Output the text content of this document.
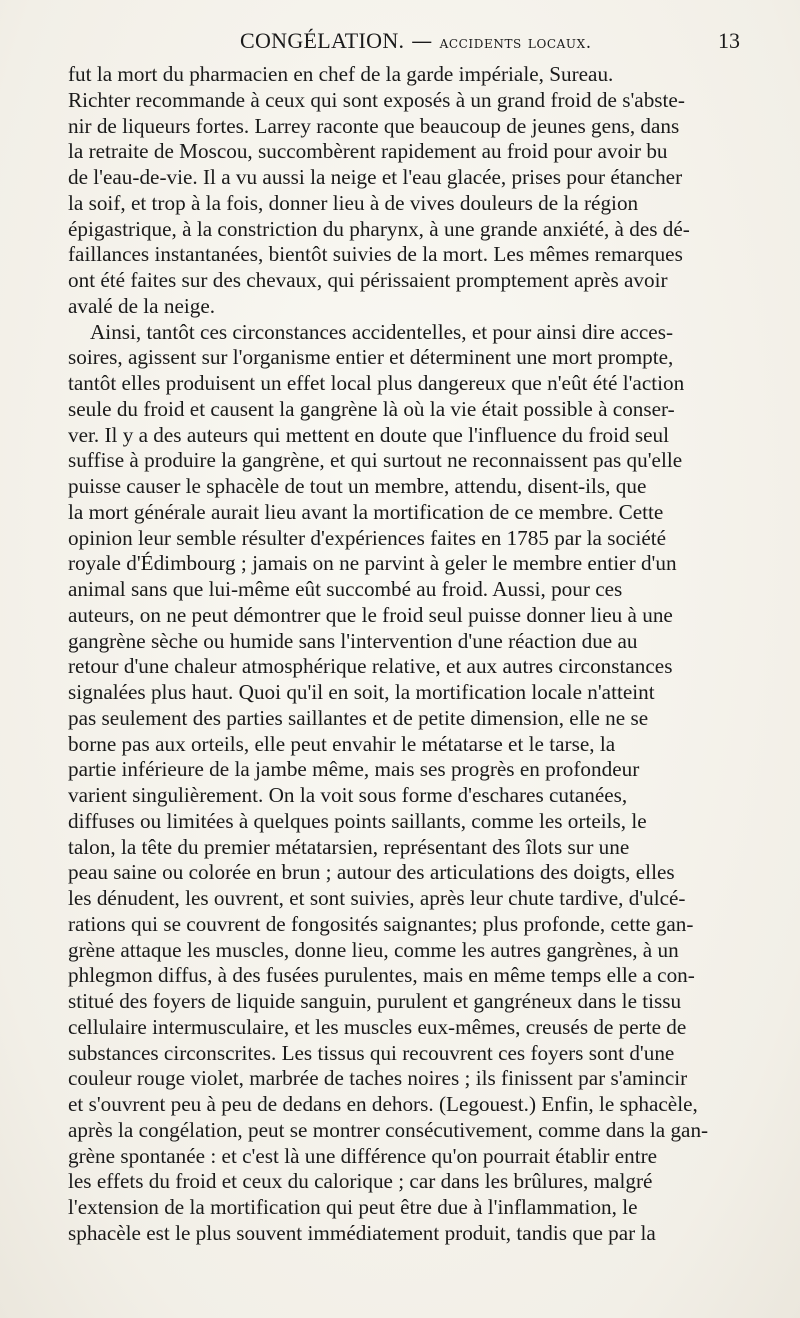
CONGÉLATION. — accidents locaux.	13
fut la mort du pharmacien en chef de la garde impériale, Sureau.
Richter recommande à ceux qui sont exposés à un grand froid de s'abste-
nir de liqueurs fortes. Larrey raconte que beaucoup de jeunes gens, dans
la retraite de Moscou, succombèrent rapidement au froid pour avoir bu
de l'eau-de-vie. Il a vu aussi la neige et l'eau glacée, prises pour étancher
la soif, et trop à la fois, donner lieu à de vives douleurs de la région
épigastrique, à la constriction du pharynx, à une grande anxiété, à des dé-
faillances instantanées, bientôt suivies de la mort. Les mêmes remarques
ont été faites sur des chevaux, qui périssaient promptement après avoir
avalé de la neige.
Ainsi, tantôt ces circonstances accidentelles, et pour ainsi dire acces-
soires, agissent sur l'organisme entier et déterminent une mort prompte,
tantôt elles produisent un effet local plus dangereux que n'eût été l'action
seule du froid et causent la gangrène là où la vie était possible à conser-
ver. Il y a des auteurs qui mettent en doute que l'influence du froid seul
suffise à produire la gangrène, et qui surtout ne reconnaissent pas qu'elle
puisse causer le sphacèle de tout un membre, attendu, disent-ils, que
la mort générale aurait lieu avant la mortification de ce membre. Cette
opinion leur semble résulter d'expériences faites en 1785 par la société
royale d'Édimbourg ; jamais on ne parvint à geler le membre entier d'un
animal sans que lui-même eût succombé au froid. Aussi, pour ces
auteurs, on ne peut démontrer que le froid seul puisse donner lieu à une
gangrène sèche ou humide sans l'intervention d'une réaction due au
retour d'une chaleur atmosphérique relative, et aux autres circonstances
signalées plus haut. Quoi qu'il en soit, la mortification locale n'atteint
pas seulement des parties saillantes et de petite dimension, elle ne se
borne pas aux orteils, elle peut envahir le métatarse et le tarse, la
partie inférieure de la jambe même, mais ses progrès en profondeur
varient singulièrement. On la voit sous forme d'eschares cutanées,
diffuses ou limitées à quelques points saillants, comme les orteils, le
talon, la tête du premier métatarsien, représentant des îlots sur une
peau saine ou colorée en brun ; autour des articulations des doigts, elles
les dénudent, les ouvrent, et sont suivies, après leur chute tardive, d'ulcé-
rations qui se couvrent de fongosités saignantes; plus profonde, cette gan-
grène attaque les muscles, donne lieu, comme les autres gangrènes, à un
phlegmon diffus, à des fusées purulentes, mais en même temps elle a con-
stitué des foyers de liquide sanguin, purulent et gangréneux dans le tissu
cellulaire intermusculaire, et les muscles eux-mêmes, creusés de perte de
substances circonscrites. Les tissus qui recouvrent ces foyers sont d'une
couleur rouge violet, marbrée de taches noires ; ils finissent par s'amincir
et s'ouvrent peu à peu de dedans en dehors. (Legouest.) Enfin, le sphacèle,
après la congélation, peut se montrer consécutivement, comme dans la gan-
grène spontanée : et c'est là une différence qu'on pourrait établir entre
les effets du froid et ceux du calorique ; car dans les brûlures, malgré
l'extension de la mortification qui peut être due à l'inflammation, le
sphacèle est le plus souvent immédiatement produit, tandis que par la
